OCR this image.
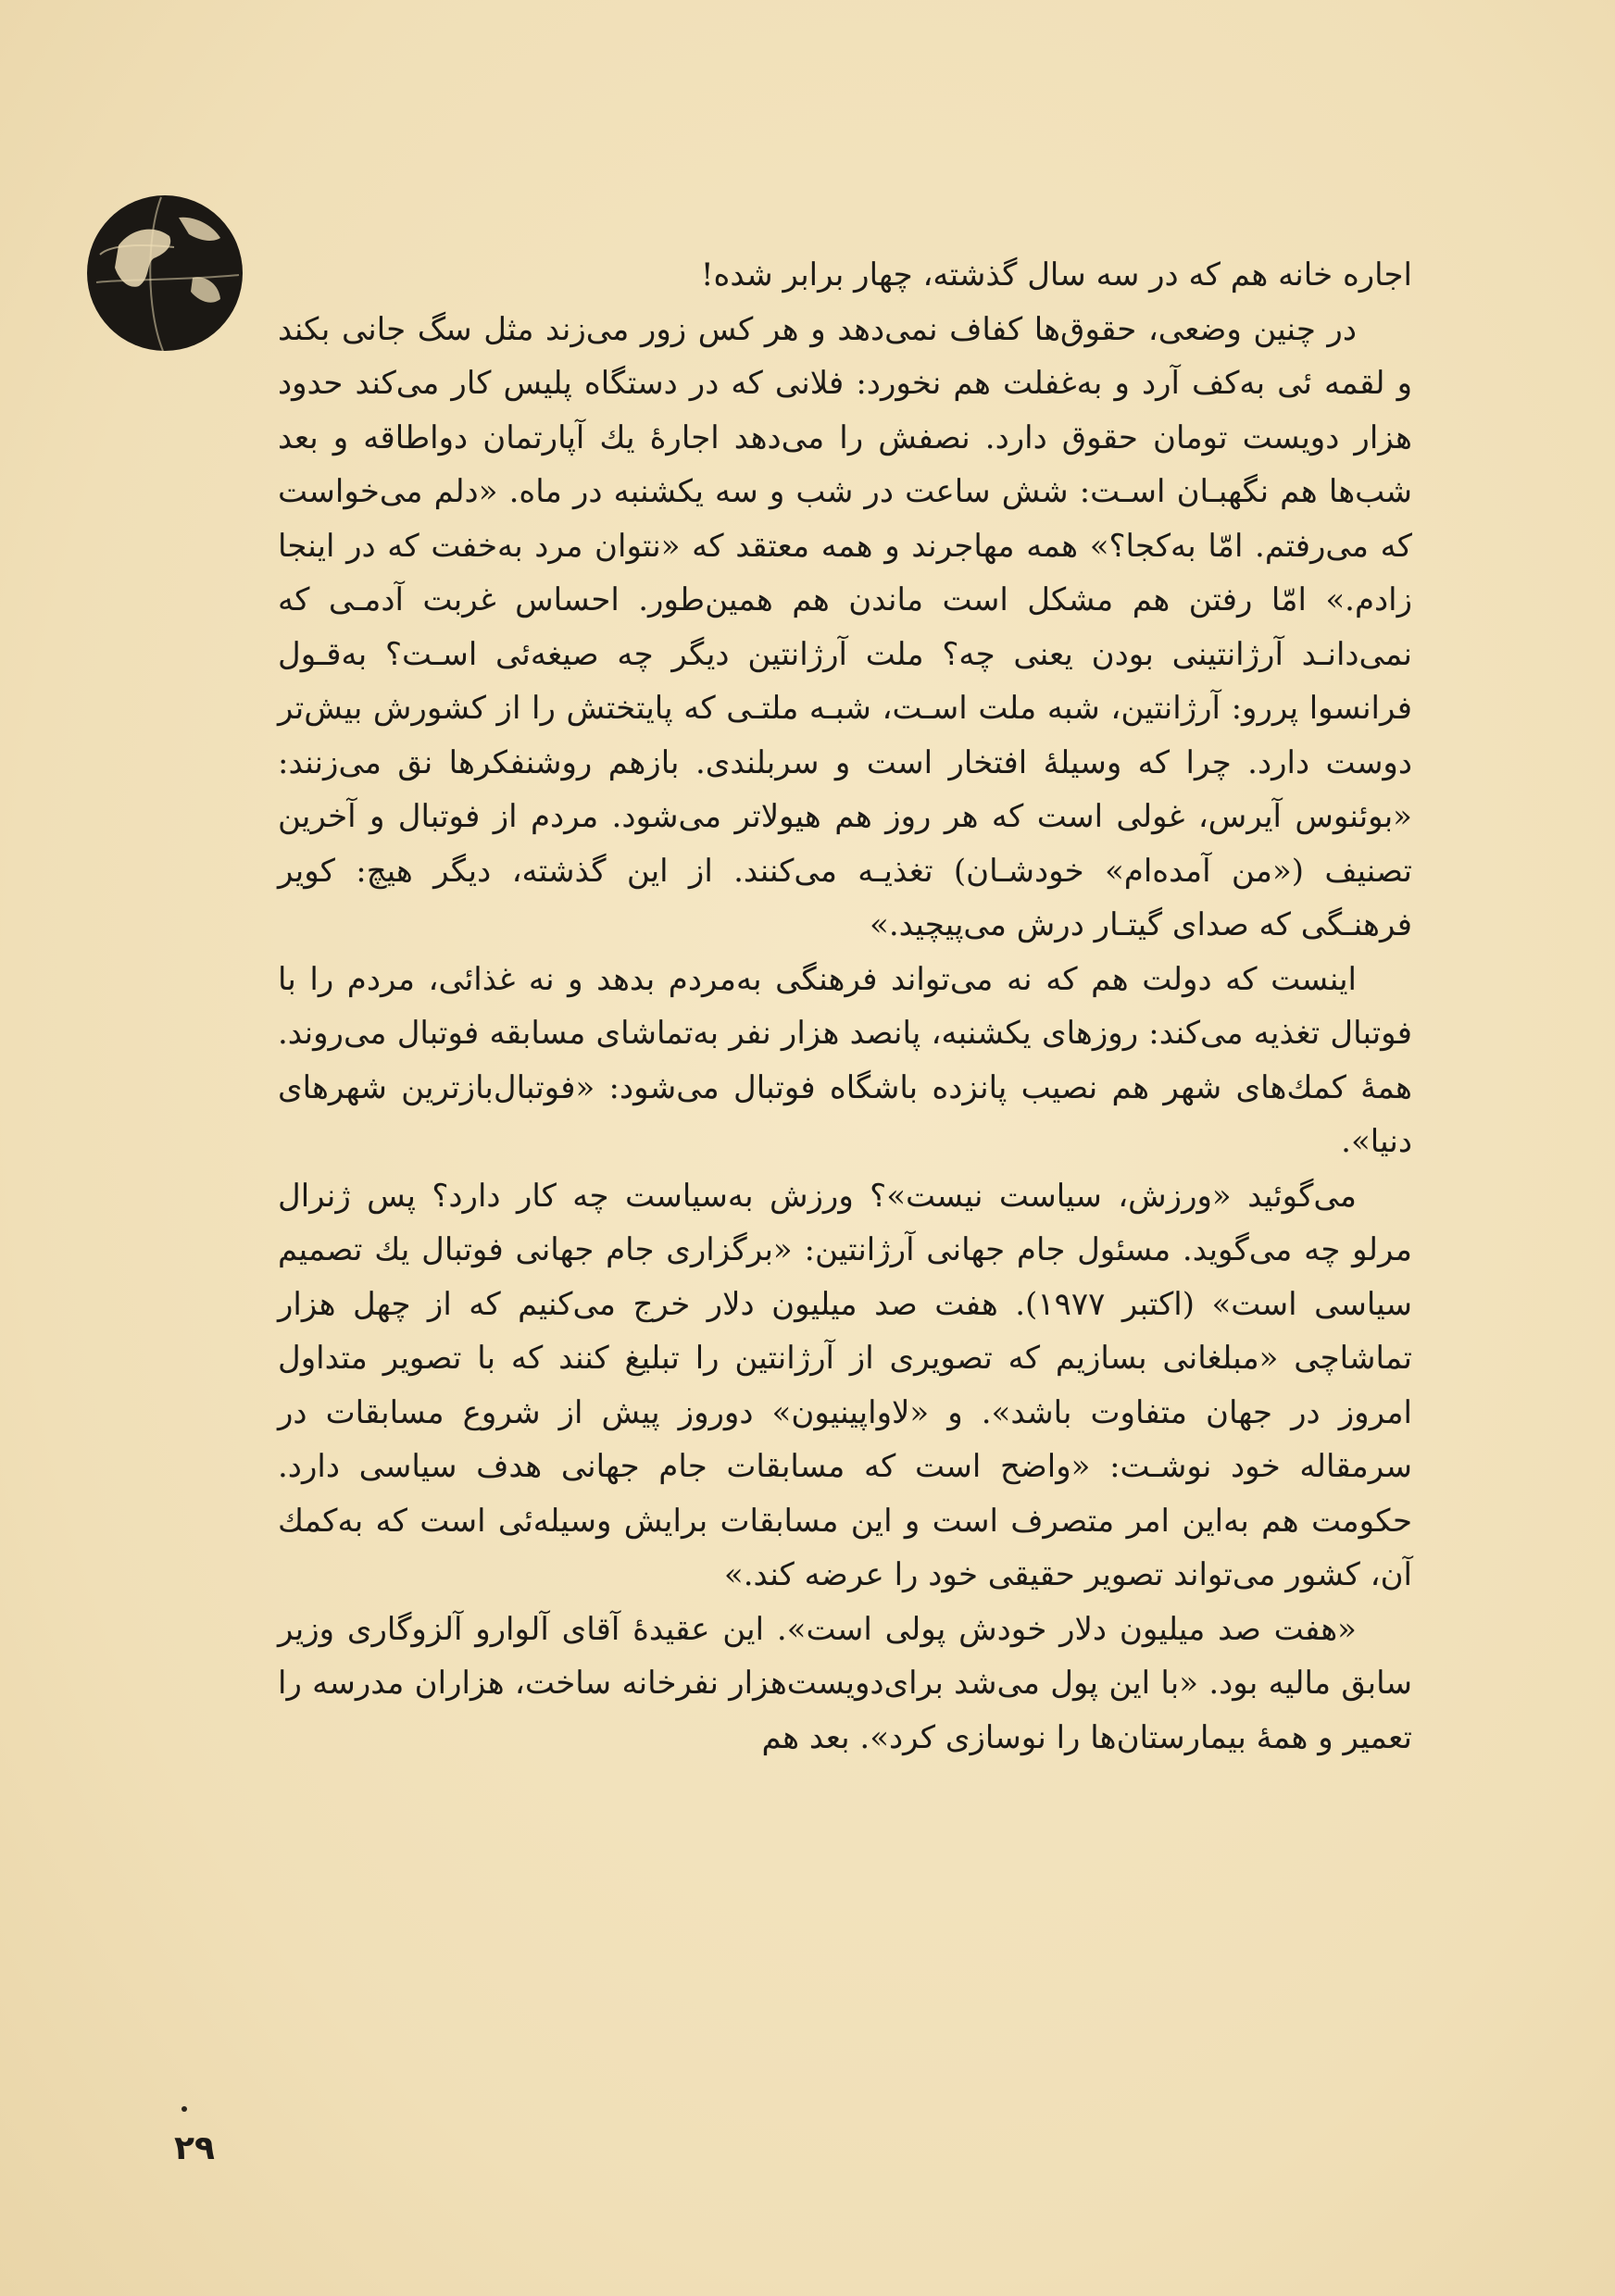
اجاره خانه هم که در سه سال گذشته، چهار برابر شده!

در چنین وضعی، حقوق‌ها کفاف نمی‌دهد و هر کس زور می‌زند مثل سگ جانی بکند و لقمه ئی به‌کف آرد و به‌غفلت هم نخورد: فلانی که در دستگاه پلیس کار می‌کند حدود هزار دویست تومان حقوق دارد. نصفش را می‌دهد اجارهٔ یك آپارتمان دواطاقه و بعد شب‌ها هم نگهبـان اسـت: شش ساعت در شب و سه یکشنبه در ماه. «دلم می‌خواست که می‌رفتم. امّا به‌کجا؟» همه مهاجرند و همه معتقد که «نتوان مرد به‌خفت که در اینجا زادم.» امّا رفتن هم مشکل است ماندن هم همین‌طور. احساس غربت آدمـی که نمی‌دانـد آرژانتینی بودن یعنی چه؟ ملت آرژانتین دیگر چه صیغه‌ئی اسـت؟ به‌قـول فرانسوا پررو: آرژانتین، شبه ملت اسـت، شبـه ملتـی که پایتختش را از کشورش بیش‌تر دوست دارد. چرا که وسیلهٔ افتخار است و سربلندی. بازهم روشنفکرها نق می‌زنند: «بوئنوس آیرس، غولی است که هر روز هم هیولاتر می‌شود. مردم از فوتبال و آخرین تصنیف («من آمده‌ام» خودشـان) تغذیـه می‌کنند. از این گذشته، دیگر هیچ: کویر فرهنـگی که صدای گیتـار درش می‌پیچید.»

اینست که دولت هم که نه می‌تواند فرهنگی به‌مردم بدهد و نه غذائی، مردم را با فوتبال تغذیه می‌کند: روزهای یکشنبه، پانصد هزار نفر به‌تماشای مسابقه فوتبال می‌روند. همهٔ کمك‌های شهر هم نصیب پانزده باشگاه فوتبال می‌شود: «فوتبال‌بازترین شهرهای دنیا».

می‌گوئید «ورزش، سیاست نیست»؟ ورزش به‌سیاست چه کار دارد؟ پس ژنرال مرلو چه می‌گوید. مسئول جام جهانی آرژانتین: «برگزاری جام جهانی فوتبال یك تصمیم سیاسی است» (اکتبر ۱۹۷۷). هفت صد میلیون دلار خرج می‌کنیم که از چهل هزار تماشاچی «مبلغانی بسازیم که تصویری از آرژانتین را تبلیغ کنند که با تصویر متداول امروز در جهان متفاوت باشد». و «لاواپینیون» دوروز پیش از شروع مسابقات در سرمقاله خود نوشـت: «واضح است که مسابقات جام جهانی هدف سیاسی دارد. حکومت هم به‌این امر متصرف است و این مسابقات برایش وسیله‌ئی است که به‌کمك آن، کشور می‌تواند تصویر حقیقی خود را عرضه کند.»

«هفت صد میلیون دلار خودش پولی است». این عقیدهٔ آقای آلوارو آلزوگاری وزیر سابق مالیه بود. «با این پول می‌شد برای‌دویست‌هزار نفرخانه ساخت، هزاران مدرسه را تعمیر و همهٔ بیمارستان‌ها را نوسازی کرد». بعد هم

۲۹
